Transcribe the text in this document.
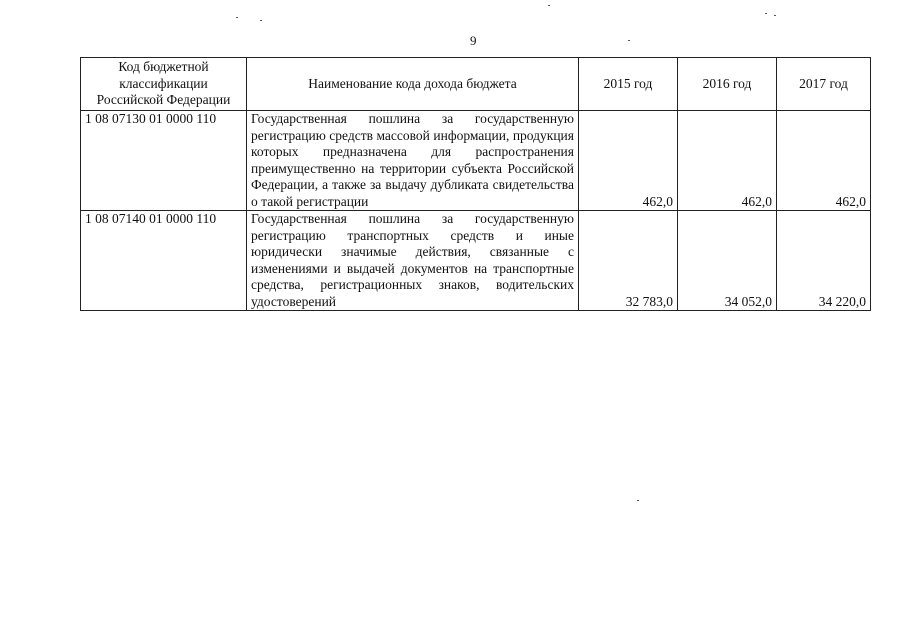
9
Код бюджетной классификации Российской Федерации	Наименование кода дохода бюджета	2015 год	2016 год	2017 год
1 08 07130 01 0000 110	Государственная пошлина за государственную регистрацию средств массовой информации, продукция которых предназначена для распространения преимущественно на территории субъекта Российской Федерации, а также за выдачу дубликата свидетельства о такой регистрации	462,0	462,0	462,0
1 08 07140 01 0000 110	Государственная пошлина за государственную регистрацию транспортных средств и иные юридически значимые действия, связанные с изменениями и выдачей документов на транспортные средства, регистрационных знаков, водительских удостоверений	32 783,0	34 052,0	34 220,0
